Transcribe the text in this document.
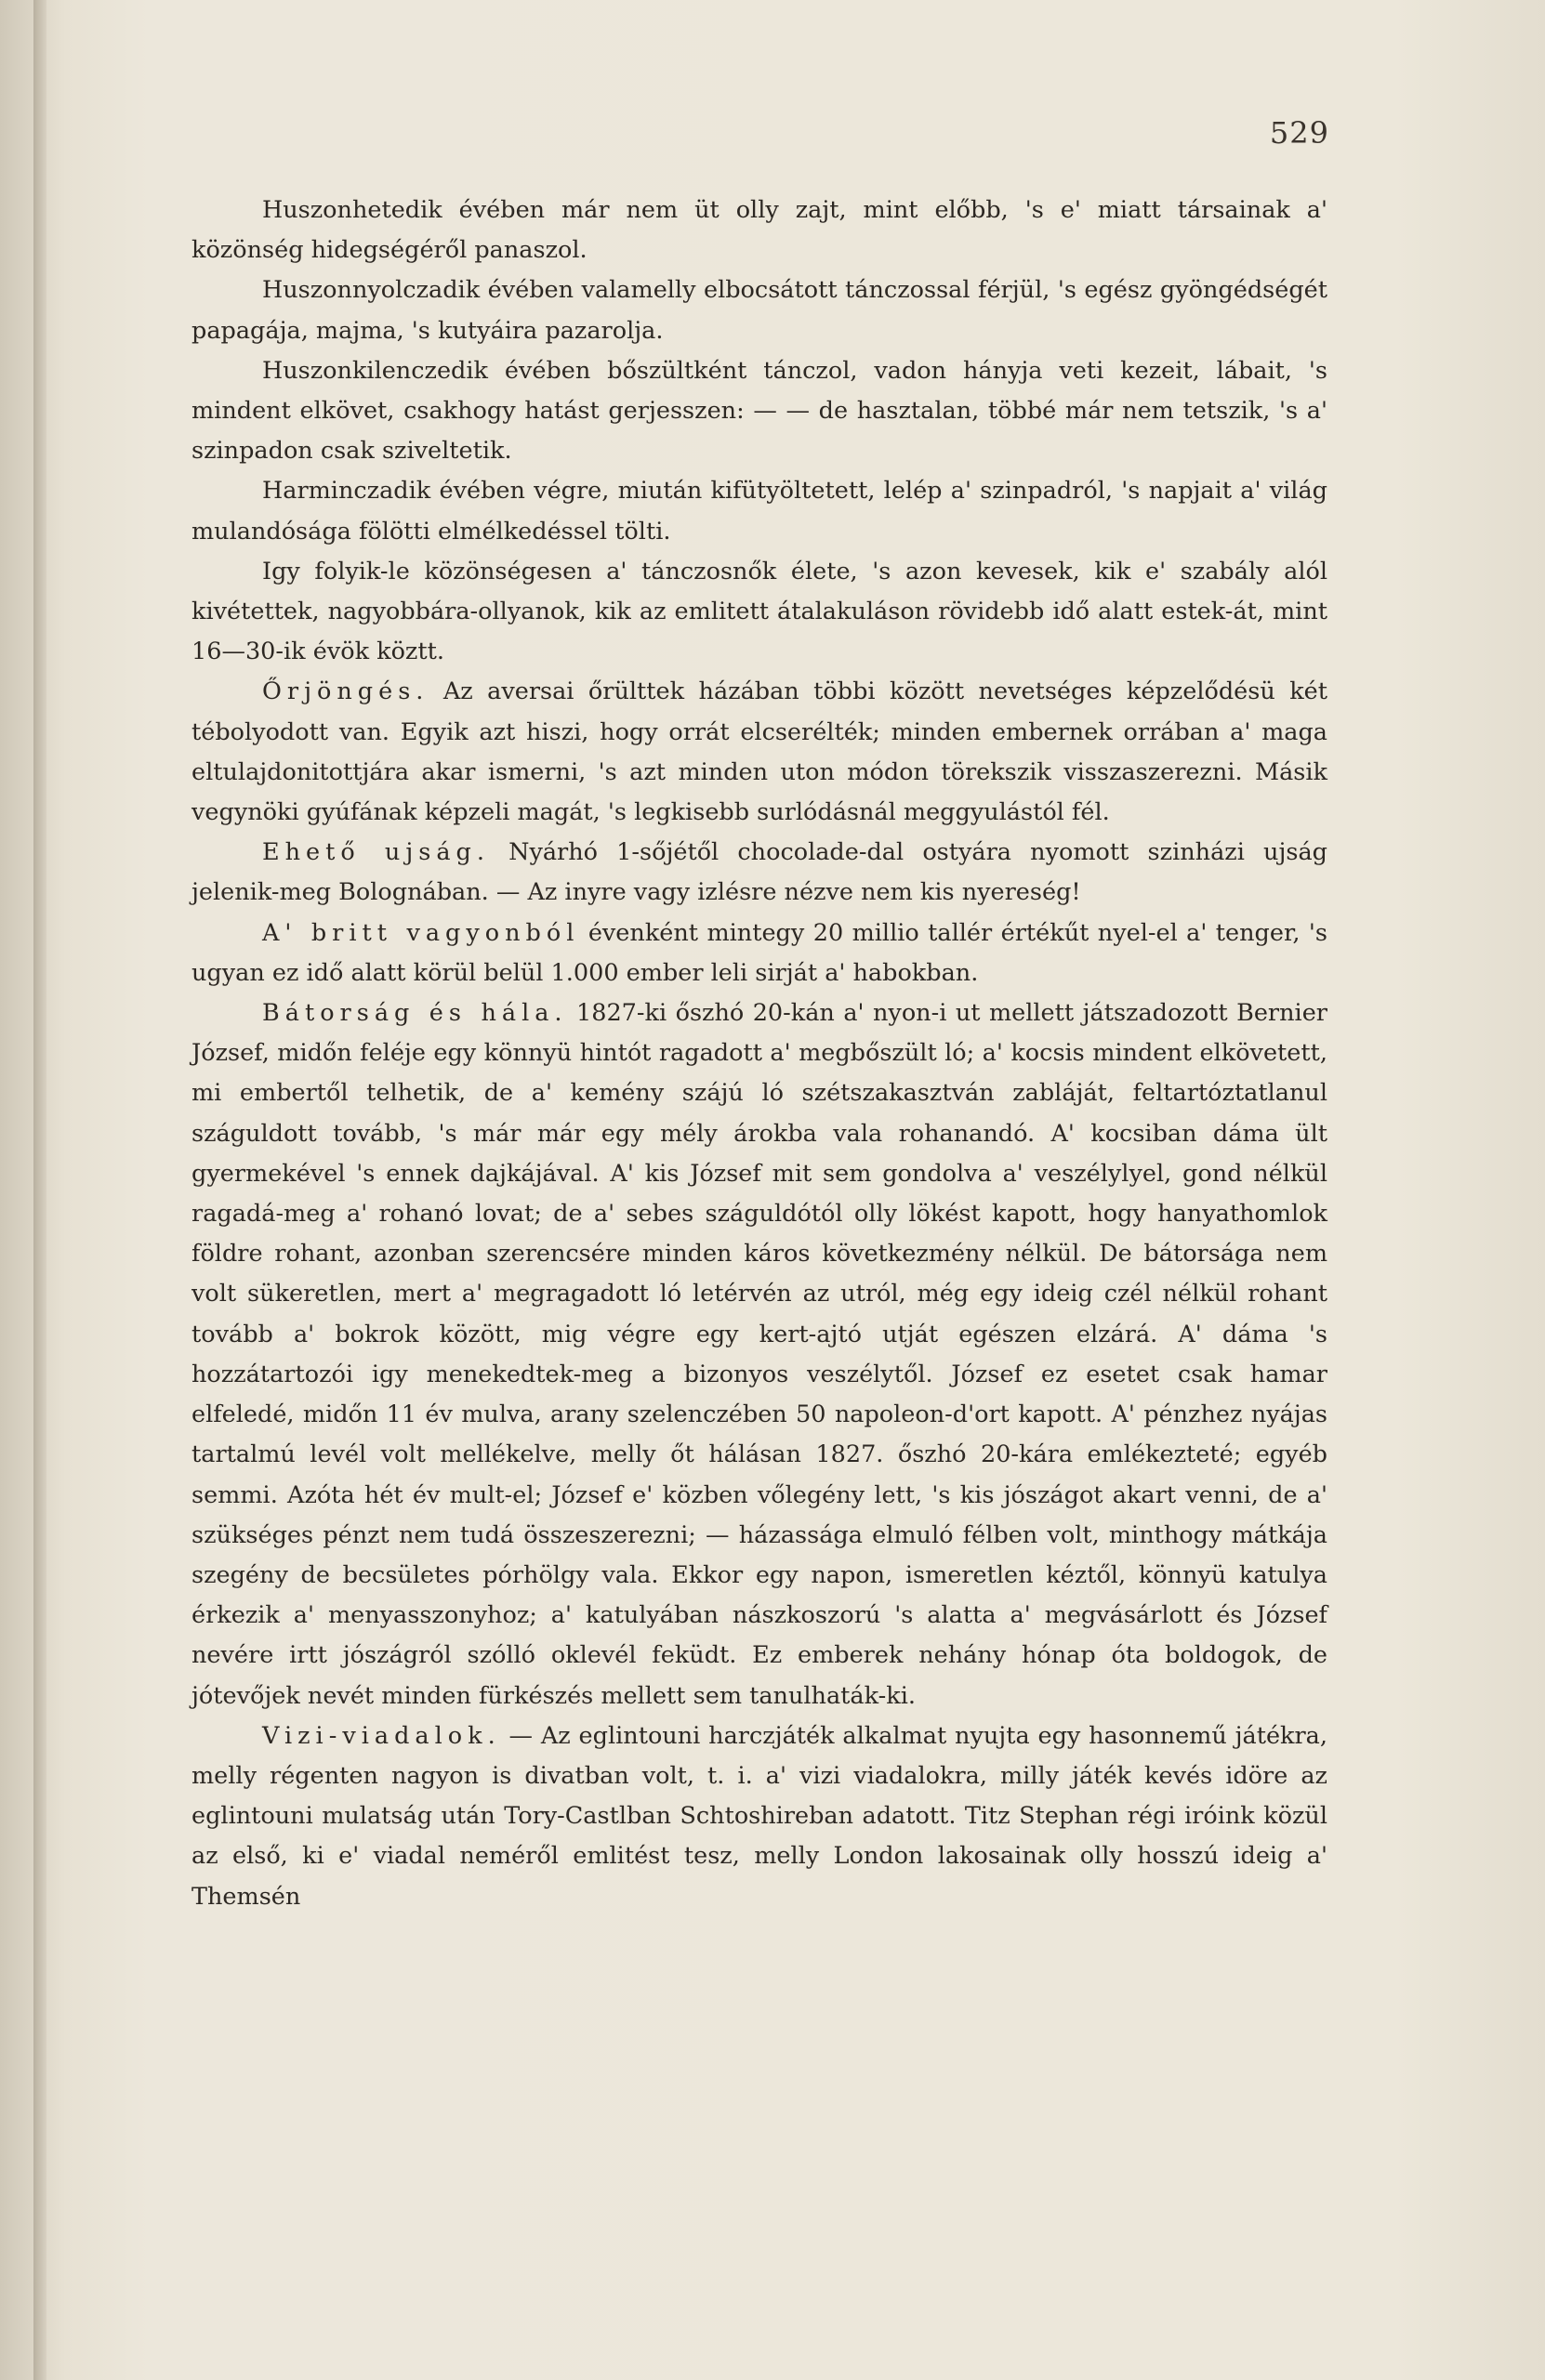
529

Huszonhetedik évében már nem üt olly zajt, mint előbb, 's e' miatt társainak a' közönség hidegségéről panaszol.

Huszonnyolczadik évében valamelly elbocsátott tánczossal férjül, 's egész gyöngédségét papagája, majma, 's kutyáira pazarolja.

Huszonkilenczedik évében bőszültként tánczol, vadon hányja veti kezeit, lábait, 's mindent elkövet, csakhogy hatást gerjesszen: — — de hasztalan, többé már nem tetszik, 's a' szinpadon csak sziveltetik.

Harminczadik évében végre, miután kifütyöltetett, lelép a' szinpadról, 's napjait a' világ mulandósága fölötti elmélkedéssel tölti.

Igy folyik-le közönségesen a' tánczosnők élete, 's azon kevesek, kik e' szabály alól kivétettek, nagyobbára-ollyanok, kik az emlitett átalakuláson rövidebb idő alatt estek-át, mint 16—30-ik évök köztt.

Őrjöngés. Az aversai őrülttek házában többi között nevetséges képzelődésü két tébolyodott van. Egyik azt hiszi, hogy orrát elcserélték; minden embernek orrában a' maga eltulajdonitottjára akar ismerni, 's azt minden uton módon törekszik visszaszerezni. Másik vegynöki gyúfának képzeli magát, 's legkisebb surlódásnál meggyulástól fél.

Ehető ujság. Nyárhó 1-sőjétől chocolade-dal ostyára nyomott szinházi ujság jelenik-meg Bolognában. — Az inyre vagy izlésre nézve nem kis nyereség!

A' britt vagyonból évenként mintegy 20 millio tallér értékűt nyel-el a' tenger, 's ugyan ez idő alatt körül belül 1.000 ember leli sirját a' habokban.

Bátorság és hála. 1827-ki őszhó 20-kán a' nyon-i ut mellett játszadozott Bernier József, midőn feléje egy könnyü hintót ragadott a' megbőszült ló; a' kocsis mindent elkövetett, mi embertől telhetik, de a' kemény szájú ló szétszakasztván zabláját, feltartóztatlanul száguldott tovább, 's már már egy mély árokba vala rohanandó. A' kocsiban dáma ült gyermekével 's ennek dajkájával. A' kis József mit sem gondolva a' veszélylyel, gond nélkül ragadá-meg a' rohanó lovat; de a' sebes száguldótól olly lökést kapott, hogy hanyathomlok földre rohant, azonban szerencsére minden káros következmény nélkül. De bátorsága nem volt sükeretlen, mert a' megragadott ló letérvén az utról, még egy ideig czél nélkül rohant tovább a' bokrok között, mig végre egy kert-ajtó utját egészen elzárá. A' dáma 's hozzátartozói igy menekedtek-meg a bizonyos veszélytől. József ez esetet csak hamar elfeledé, midőn 11 év mulva, arany szelenczében 50 napoleon-d'ort kapott. A' pénzhez nyájas tartalmú levél volt mellékelve, melly őt hálásan 1827. őszhó 20-kára emlékezteté; egyéb semmi. Azóta hét év mult-el; József e' közben vőlegény lett, 's kis jószágot akart venni, de a' szükséges pénzt nem tudá összeszerezni; — házassága elmuló félben volt, minthogy mátkája szegény de becsületes pórhölgy vala. Ekkor egy napon, ismeretlen kéztől, könnyü katulya érkezik a' menyasszonyhoz; a' katulyában nászkoszorú 's alatta a' megvásárlott és József nevére irtt jószágról szólló oklevél feküdt. Ez emberek nehány hónap óta boldogok, de jótevőjek nevét minden fürkészés mellett sem tanulhaták-ki.

Vizi-viadalok. — Az eglintouni harczjáték alkalmat nyujta egy hasonnemű játékra, melly régenten nagyon is divatban volt, t. i. a' vizi viadalokra, milly játék kevés idöre az eglintouni mulatság után Tory-Castlban Schtoshireban adatott. Titz Stephan régi iróink közül az első, ki e' viadal neméről emlitést tesz, melly London lakosainak olly hosszú ideig a' Themsén
